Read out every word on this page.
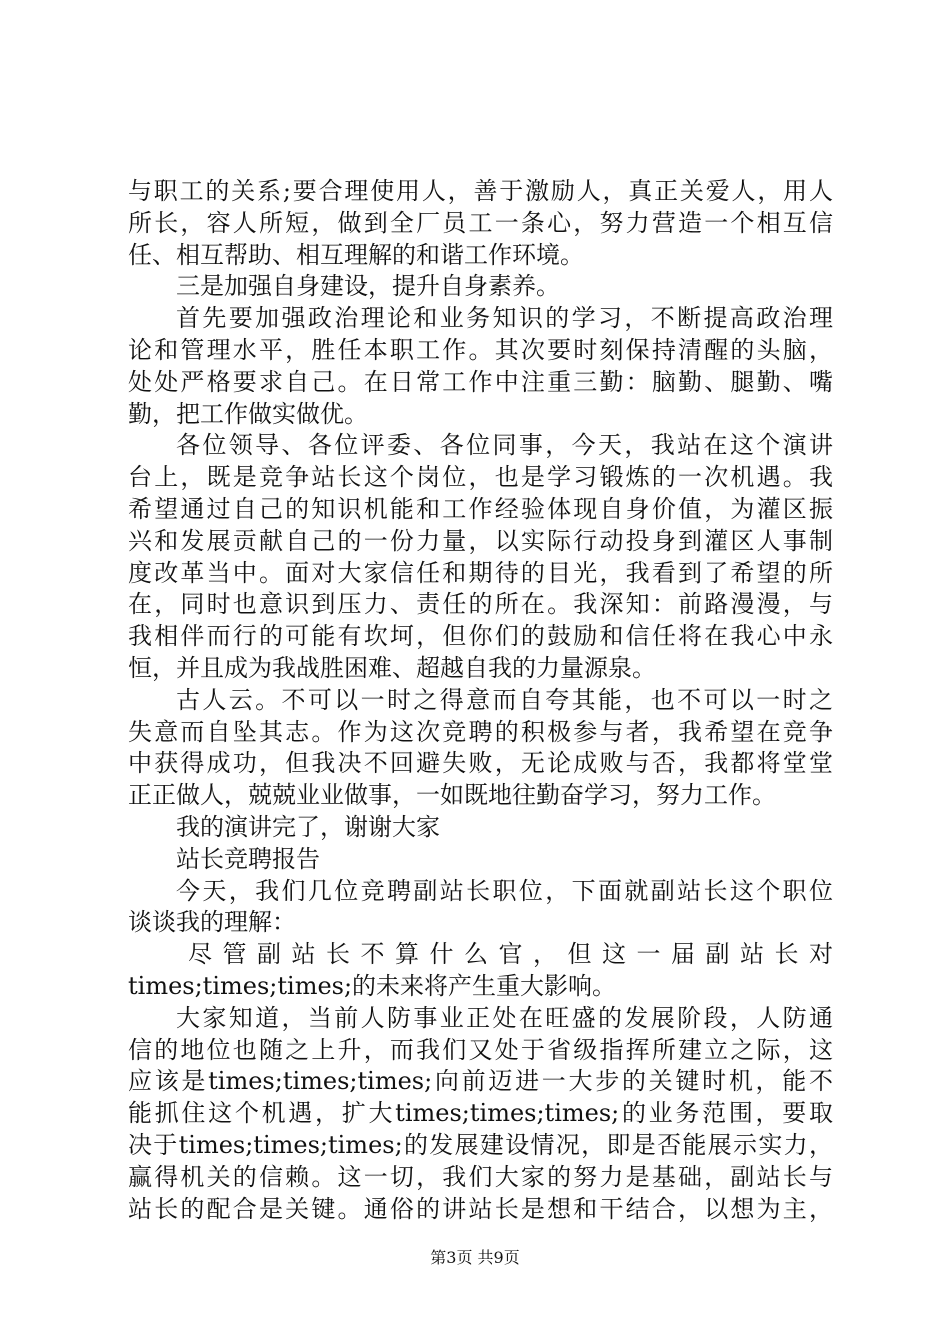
与职工的关系;要合理使用人，善于激励人，真正关爱人，用人
所长，容人所短，做到全厂员工一条心，努力营造一个相互信
任、相互帮助、相互理解的和谐工作环境。
三是加强自身建设，提升自身素养。
首先要加强政治理论和业务知识的学习，不断提高政治理
论和管理水平，胜任本职工作。其次要时刻保持清醒的头脑，
处处严格要求自己。在日常工作中注重三勤：脑勤、腿勤、嘴
勤，把工作做实做优。
各位领导、各位评委、各位同事，今天，我站在这个演讲
台上，既是竞争站长这个岗位，也是学习锻炼的一次机遇。我
希望通过自己的知识机能和工作经验体现自身价值，为灌区振
兴和发展贡献自己的一份力量，以实际行动投身到灌区人事制
度改革当中。面对大家信任和期待的目光，我看到了希望的所
在，同时也意识到压力、责任的所在。我深知：前路漫漫，与
我相伴而行的可能有坎坷，但你们的鼓励和信任将在我心中永
恒，并且成为我战胜困难、超越自我的力量源泉。
古人云。不可以一时之得意而自夸其能，也不可以一时之
失意而自坠其志。作为这次竞聘的积极参与者，我希望在竞争
中获得成功，但我决不回避失败，无论成败与否，我都将堂堂
正正做人，兢兢业业做事，一如既地往勤奋学习，努力工作。
我的演讲完了，谢谢大家
站长竞聘报告
今天，我们几位竞聘副站长职位，下面就副站长这个职位
谈谈我的理解：
尽管副站长不算什么官，但这一届副站长对
times;times;times;的未来将产生重大影响。
大家知道，当前人防事业正处在旺盛的发展阶段，人防通
信的地位也随之上升，而我们又处于省级指挥所建立之际，这
应该是times;times;times;向前迈进一大步的关键时机，能不
能抓住这个机遇，扩大times;times;times;的业务范围，要取
决于times;times;times;的发展建设情况，即是否能展示实力，
赢得机关的信赖。这一切，我们大家的努力是基础，副站长与
站长的配合是关键。通俗的讲站长是想和干结合，以想为主，
第3页 共9页
